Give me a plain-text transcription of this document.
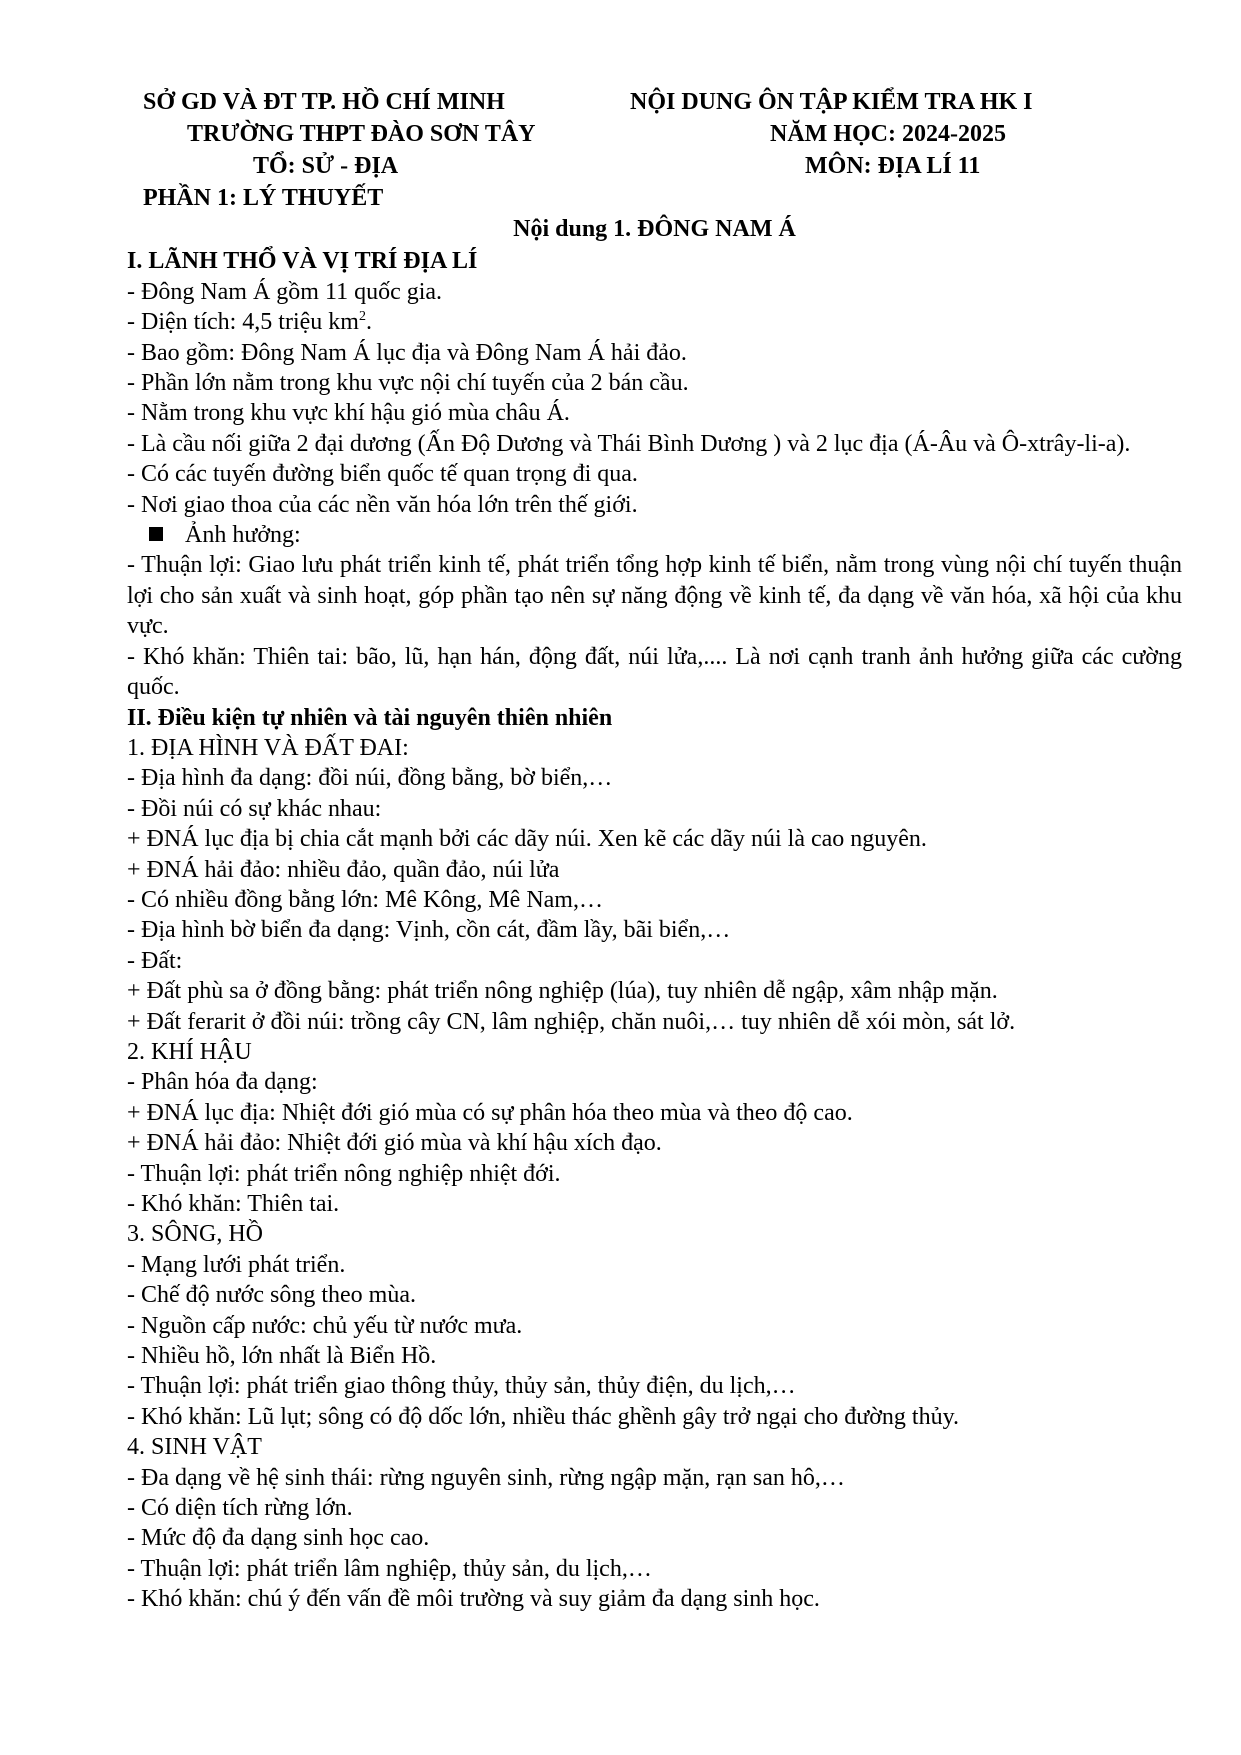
SỞ GD VÀ ĐT TP. HỒ CHÍ MINH
TRƯỜNG THPT ĐÀO SƠN TÂY
TỔ: SỬ - ĐỊA
NỘI DUNG ÔN TẬP KIỂM TRA HK I
NĂM HỌC: 2024-2025
MÔN: ĐỊA LÍ 11
PHẦN 1: LÝ THUYẾT

Nội dung 1. ĐÔNG NAM Á

I. LÃNH THỔ VÀ VỊ TRÍ ĐỊA LÍ

- Đông Nam Á gồm 11 quốc gia.

- Diện tích: 4,5 triệu $km^2$.

- Bao gồm: Đông Nam Á lục địa và Đông Nam Á hải đảo.

- Phần lớn nằm trong khu vực nội chí tuyến của 2 bán cầu.

- Nằm trong khu vực khí hậu gió mùa châu Á.

- Là cầu nối giữa 2 đại dương (Ấn Độ Dương và Thái Bình Dương ) và 2 lục địa (Á-Âu và Ô-xtrây-li-a).

- Có các tuyến đường biển quốc tế quan trọng đi qua.

- Nơi giao thoa của các nền văn hóa lớn trên thế giới.

Ảnh hưởng:

- Thuận lợi: Giao lưu phát triển kinh tế, phát triển tổng hợp kinh tế biển, nằm trong vùng nội chí tuyến thuận lợi cho sản xuất và sinh hoạt, góp phần tạo nên sự năng động về kinh tế, đa dạng về văn hóa, xã hội của khu vực.

- Khó khăn: Thiên tai: bão, lũ, hạn hán, động đất, núi lửa,.... Là nơi cạnh tranh ảnh hưởng giữa các cường quốc.

II. Điều kiện tự nhiên và tài nguyên thiên nhiên

1. ĐỊA HÌNH VÀ ĐẤT ĐAI:

- Địa hình đa dạng: đồi núi, đồng bằng, bờ biển,…

- Đồi núi có sự khác nhau:

+ ĐNÁ lục địa bị chia cắt mạnh bởi các dãy núi. Xen kẽ các dãy núi là cao nguyên.

+ ĐNÁ hải đảo: nhiều đảo, quần đảo, núi lửa

- Có nhiều đồng bằng lớn: Mê Kông, Mê Nam,…

- Địa hình bờ biển đa dạng: Vịnh, cồn cát, đầm lầy, bãi biển,…

- Đất:

+ Đất phù sa ở đồng bằng: phát triển nông nghiệp (lúa), tuy nhiên dễ ngập, xâm nhập mặn.

+ Đất ferarit ở đồi núi: trồng cây CN, lâm nghiệp, chăn nuôi,… tuy nhiên dễ xói mòn, sát lở.

2. KHÍ HẬU

- Phân hóa đa dạng:

+ ĐNÁ lục địa: Nhiệt đới gió mùa có sự phân hóa theo mùa và theo độ cao.

+ ĐNÁ hải đảo: Nhiệt đới gió mùa và khí hậu xích đạo.

- Thuận lợi: phát triển nông nghiệp nhiệt đới.

- Khó khăn: Thiên tai.

3. SÔNG, HỒ

- Mạng lưới phát triển.

- Chế độ nước sông theo mùa.

- Nguồn cấp nước: chủ yếu từ nước mưa.

- Nhiều hồ, lớn nhất là Biển Hồ.

- Thuận lợi: phát triển giao thông thủy, thủy sản, thủy điện, du lịch,…

- Khó khăn: Lũ lụt; sông có độ dốc lớn, nhiều thác ghềnh gây trở ngại cho đường thủy.

4. SINH VẬT

- Đa dạng về hệ sinh thái: rừng nguyên sinh, rừng ngập mặn, rạn san hô,…

- Có diện tích rừng lớn.

- Mức độ đa dạng sinh học cao.

- Thuận lợi: phát triển lâm nghiệp, thủy sản, du lịch,…

- Khó khăn: chú ý đến vấn đề môi trường và suy giảm đa dạng sinh học.
